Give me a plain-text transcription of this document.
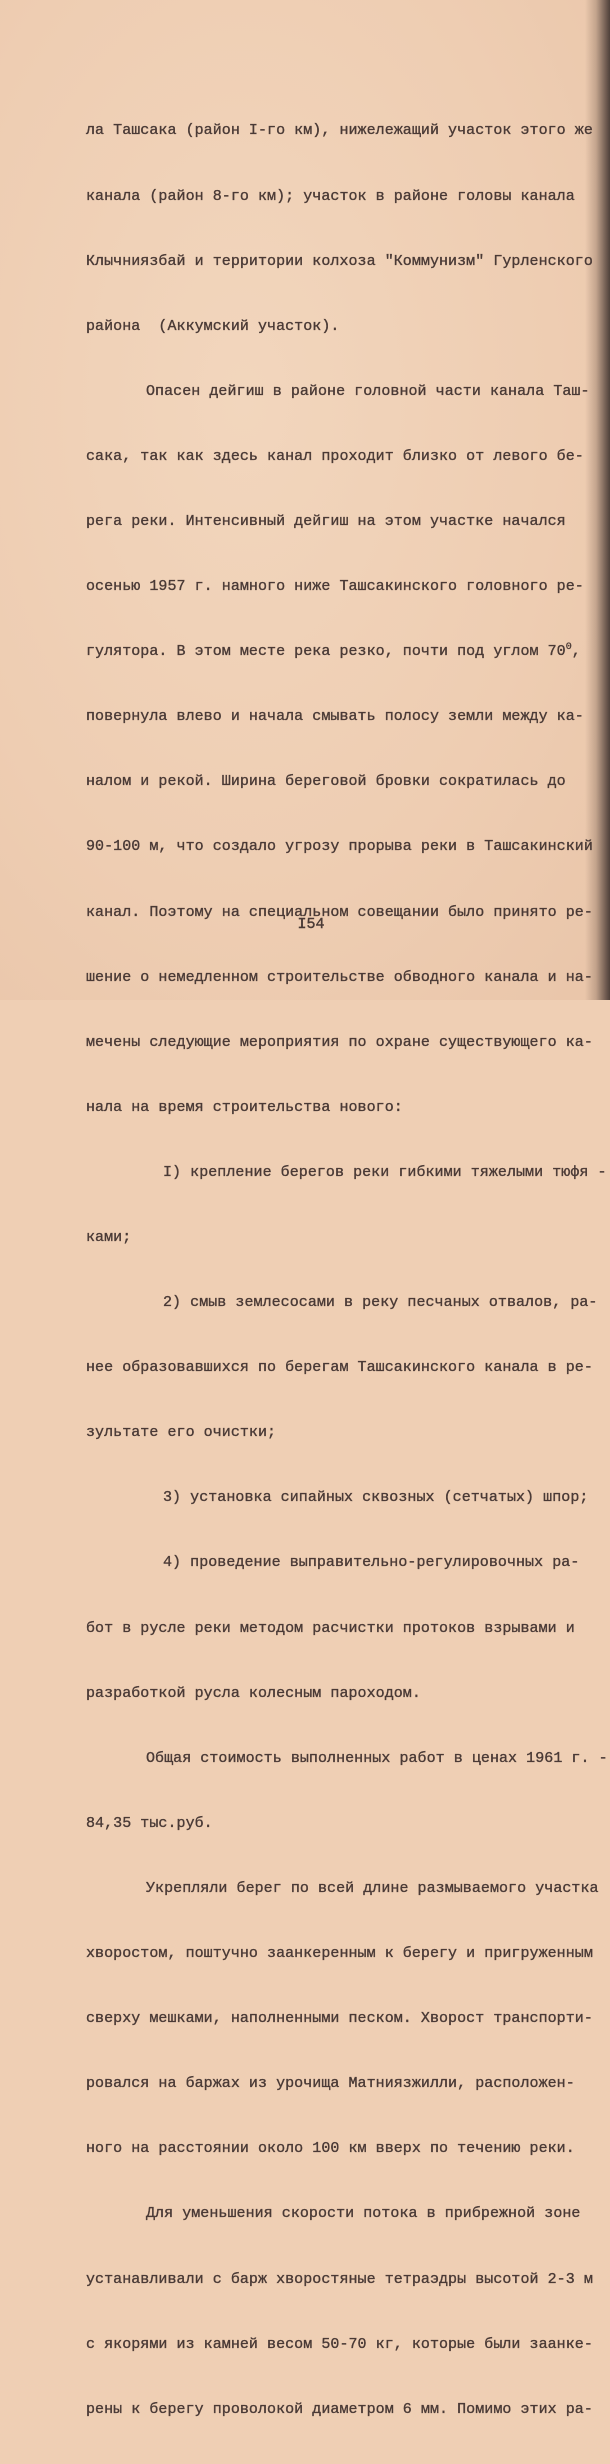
ла Ташсака (район I-го км), нижележащий участок этого же

канала (район 8-го км); участок в районе головы канала

Клычниязбай и территории колхоза "Коммунизм" Гурленского

района  (Аккумский участок).

Опасен дейгиш в районе головной части канала Таш-

сака, так как здесь канал проходит близко от левого бе-

рега реки. Интенсивный дейгиш на этом участке начался

осенью 1957 г. намного ниже Ташсакинского головного ре-

гулятора. В этом месте река резко, почти под углом $70^0$,

повернула влево и начала смывать полосу земли между ка-

налом и рекой. Ширина береговой бровки сократилась до

90-100 м, что создало угрозу прорыва реки в Ташсакинский

канал. Поэтому на специальном совещании было принято ре-

шение о немедленном строительстве обводного канала и на-

мечены следующие мероприятия по охране существующего ка-

нала на время строительства нового:

I) крепление берегов реки гибкими тяжелыми тюфя -

ками;

2) смыв землесосами в реку песчаных отвалов, ра-

нее образовавшихся по берегам Ташсакинского канала в ре-

зультате его очистки;

3) установка сипайных сквозных (сетчатых) шпор;

4) проведение выправительно-регулировочных ра-

бот в русле реки методом расчистки протоков взрывами и

разработкой русла колесным пароходом.

Общая стоимость выполненных работ в ценах 1961 г. -

84,35 тыс.руб.

Укрепляли берег по всей длине размываемого участка

хворостом, поштучно заанкеренным к берегу и пригруженным

сверху мешками, наполненными песком. Хворост транспорти-

ровался на баржах из урочища Матниязжилли, расположен-

ного на расстоянии около 100 км вверх по течению реки.

Для уменьшения скорости потока в прибрежной зоне

устанавливали с барж хворостяные тетраэдры высотой 2-3 м

с якорями из камней весом 50-70 кг, которые были заанке-

рены к берегу проволокой диаметром 6 мм. Помимо этих ра-

I54
